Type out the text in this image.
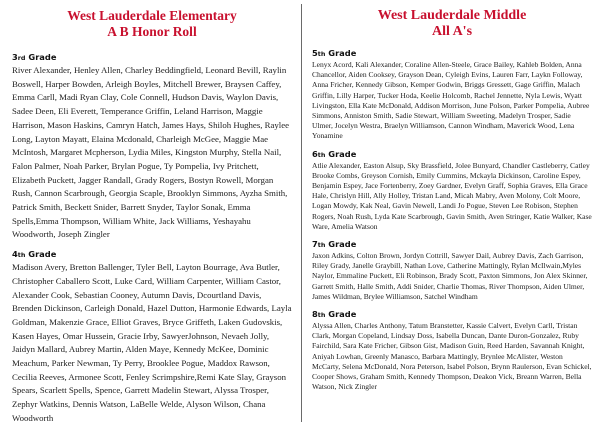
West Lauderdale Elementary
A B Honor Roll
3rd Grade

River Alexander, Henley Allen, Charley Beddingfield, Leonard Bevill, Raylin Boswell, Harper Bowden, Arleigh Boyles, Mitchell Brewer, Braysen Caffey, Emma Carll, Madi Ryan Clay, Cole Connell, Hudson Davis, Waylon Davis, Sadee Deen, Eli Everett, Temperance Griffin, Leland Harrison, Maggie Harrison, Mason Haskins, Camryn Hatch, James Hays, Shiloh Hughes, Raylee Long, Layton Mayatt, Elaina Mcdonald, Charleigh McGee, Maggie Mae McIntosh, Margaret Mcpherson, Lydia Miles, Kingston Murphy, Stella Nail, Falon Palmer, Noah Parker, Brylan Pogue, Ty Pompelia, Ivy Pritchett, Elizabeth Puckett, Jagger Randall, Grady Rogers, Bostyn Rowell, Morgan Rush, Cannon Scarbrough, Georgia Scaple, Brooklyn Simmons, Ayzha Smith, Patrick Smith, Beckett Snider, Barrett Snyder, Taylor Sonak, Emma Spells,Emma Thompson, William White, Jack Williams, Yeshayahu Woodworth, Joseph Zingler

4th Grade

Madison Avery, Bretton Ballenger, Tyler Bell, Layton Bourrage, Ava Butler, Christopher Caballero Scott, Luke Card, William Carpenter, William Castor, Alexander Cook, Sebastian Cooney, Autumn Davis, Dcourtland Davis, Brenden Dickinson, Carleigh Donald, Hazel Dutton, Harmonie Edwards, Layla Goldman, Makenzie Grace, Elliot Graves, Bryce Griffeth, Laken Gudovskis, Kasen Hayes, Omar Hussein, Gracie Irby, SawyerJohnson, Nevaeh Jolly, Jaidyn Mallard, Aubrey Martin, Alden Maye, Kennedy McKee, Dominic Meachum, Parker Newman, Ty Perry, Brooklee Pogue, Maddox Rawson, Cecilia Reeves, Armonee Scott, Fenley Scrimpshire,Remi Kate Slay, Grayson Spears, Scarlett Spells, Spence, Garrett Madelin Stewart, Alyssa Trosper, Zephyr Watkins, Dennis Watson, LaBelle Welde, Alyson Wilson, Chana Woodworth

West Lauderdale Middle
All A's
5th Grade

Lenyx Acord, Kali Alexander, Coraline Allen-Steele, Grace Bailey, Kahleb Bolden, Anna Chancellor, Aiden Cooksey, Grayson Dean, Cyleigh Evins, Lauren Farr, Laykn Followay, Anna Fricher, Kennedy Gibson, Kemper Godwin, Briggs Gressett, Gage Griffin, Malach Griffin, Lilly Harper, Tucker Hoda, Keelie Holcomb, Rachel Jennette, Nyla Lewis, Wyatt Livingston, Ella Kate McDonald, Addison Morrison, June Polson, Parker Pompelia, Aubree Simmons, Anniston Smith, Sadie Stewart, William Sweeting, Madelyn Trosper, Sadie Ulmer, Jocelyn Westra, Braelyn Williamson, Cannon Windham, Maverick Wood, Lena Yonamine

6th Grade

Atlie Alexander, Easton Alsup, Sky Brassfield, Jolee Bunyard, Chandler Castleberry, Catley Brooke Combs, Greyson Cornish, Emily Cummins, Mckayla Dickinson, Caroline Espey, Benjamin Espey, Jace Fortenberry, Zoey Gardner, Evelyn Graff, Sophia Graves, Ella Grace Hale, Chrislyn Hill, Ally Holley, Tristan Land, Micah Mabry, Aven Molony, Colt Moore, Logan Mowdy, Kak Neal, Gavin Newell, Landi Jo Pogue, Steven Lee Robison, Stephen Rogers, Noah Rush, Lyda Kate Scarbrough, Gavin Smith, Aven Stringer, Katie Walker, Kase Ware, Amelia Watson

7th Grade

Jaxon Adkins, Colton Brown, Jordyn Cottrill, Sawyer Dail, Aubrey Davis, Zach Garrison, Riley Grady, Janelle Graybill, Nathan Love, Catherine Mattingly, Rylan McIlwain,Myles Naylor, Emmaline Puckett, Eli Robinson, Brady Scott, Paxton Simmons, Jon Alex Skinner, Garrett Smith, Halle Smith, Addi Snider, Charlie Thomas, River Thompson, Aiden Ulmer, James Wildman, Brylee Williamson, Satchel Windham

8th Grade

Alyssa Allen, Charles Anthony, Tatum Branstetter, Kassie Calvert, Evelyn Carll, Tristan Clark, Morgan Copeland, Lindsay Doss, Isabella Duncan, Dante Duron-Gonzalez, Ruby Fairchild, Sara Kate Fricher, Gibson Gist, Madison Guin, Reed Harden, Savannah Knight, Aniyah Lowhan, Greenly Manasco, Barbara Mattingly, Brynlee McAlister, Weston McCarty, Selena McDonald, Nora Peterson, Isabel Polson, Brynn Raulerson, Evan Schickel, Cooper Shows, Graham Smith, Kennedy Thompson, Deakon Vick, Breann Warren, Bella Watson, Nick Zingler
